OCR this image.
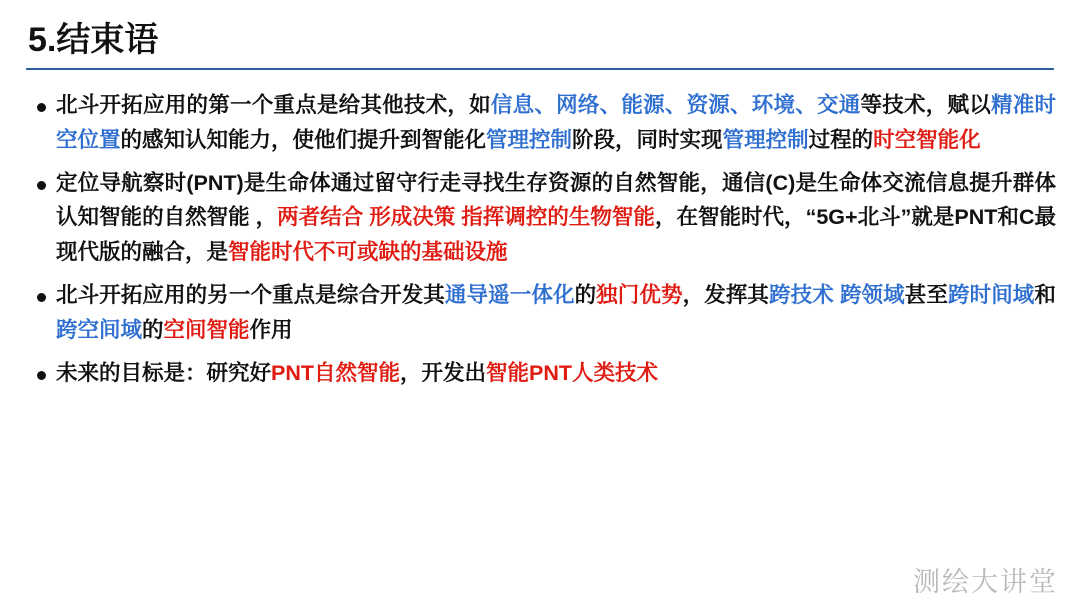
5.结束语
北斗开拓应用的第一个重点是给其他技术，如信息、网络、能源、资源、环境、交通等技术，赋以精准时空位置的感知认知能力，使他们提升到智能化管理控制阶段，同时实现管理控制过程的时空智能化
定位导航察时(PNT)是生命体通过留守行走寻找生存资源的自然智能，通信(C)是生命体交流信息提升群体认知智能的自然智能 ，两者结合 形成决策 指挥调控的生物智能，在智能时代，“5G+北斗”就是PNT和C最现代版的融合，是智能时代不可或缺的基础设施
北斗开拓应用的另一个重点是综合开发其通导遥一体化的独门优势，发挥其跨技术 跨领域甚至跨时间域和跨空间域的空间智能作用
未来的目标是：研究好PNT自然智能，开发出智能PNT人类技术
测绘大讲堂
